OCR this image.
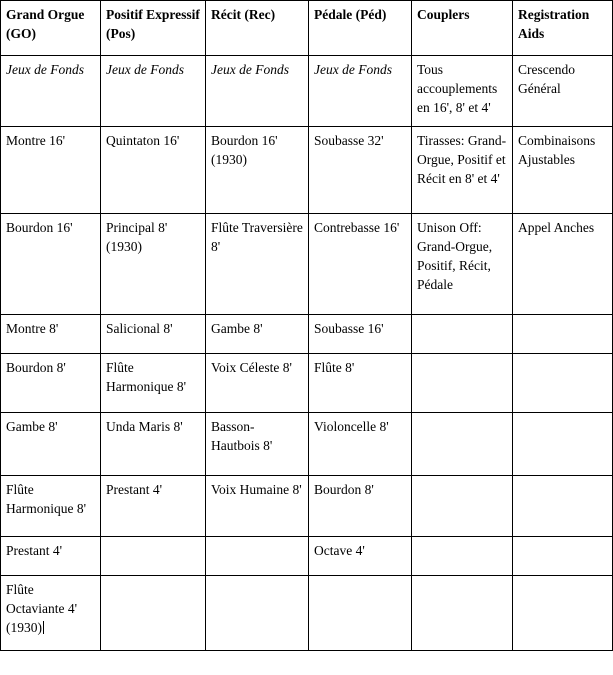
Grand Orgue (GO)	Positif Expressif (Pos)	Récit (Rec)	Pédale (Péd)	Couplers	Registration Aids
Jeux de Fonds	Jeux de Fonds	Jeux de Fonds	Jeux de Fonds	Tous accouplements en 16', 8' et 4'	Crescendo Général
Montre 16'	Quintaton 16'	Bourdon 16' (1930)	Soubasse 32'	Tirasses: Grand-Orgue, Positif et Récit en 8' et 4'	Combinaisons Ajustables
Bourdon 16'	Principal 8' (1930)	Flûte Traversière 8'	Contrebasse 16'	Unison Off: Grand-Orgue, Positif, Récit, Pédale	Appel Anches
Montre 8'	Salicional 8'	Gambe 8'	Soubasse 16'		
Bourdon 8'	Flûte Harmonique 8'	Voix Céleste 8'	Flûte 8'		
Gambe 8'	Unda Maris 8'	Basson-Hautbois 8'	Violoncelle 8'		
Flûte Harmonique 8'	Prestant 4'	Voix Humaine 8'	Bourdon 8'		
Prestant 4'			Octave 4'		
Flûte Octaviante 4' (1930)					
